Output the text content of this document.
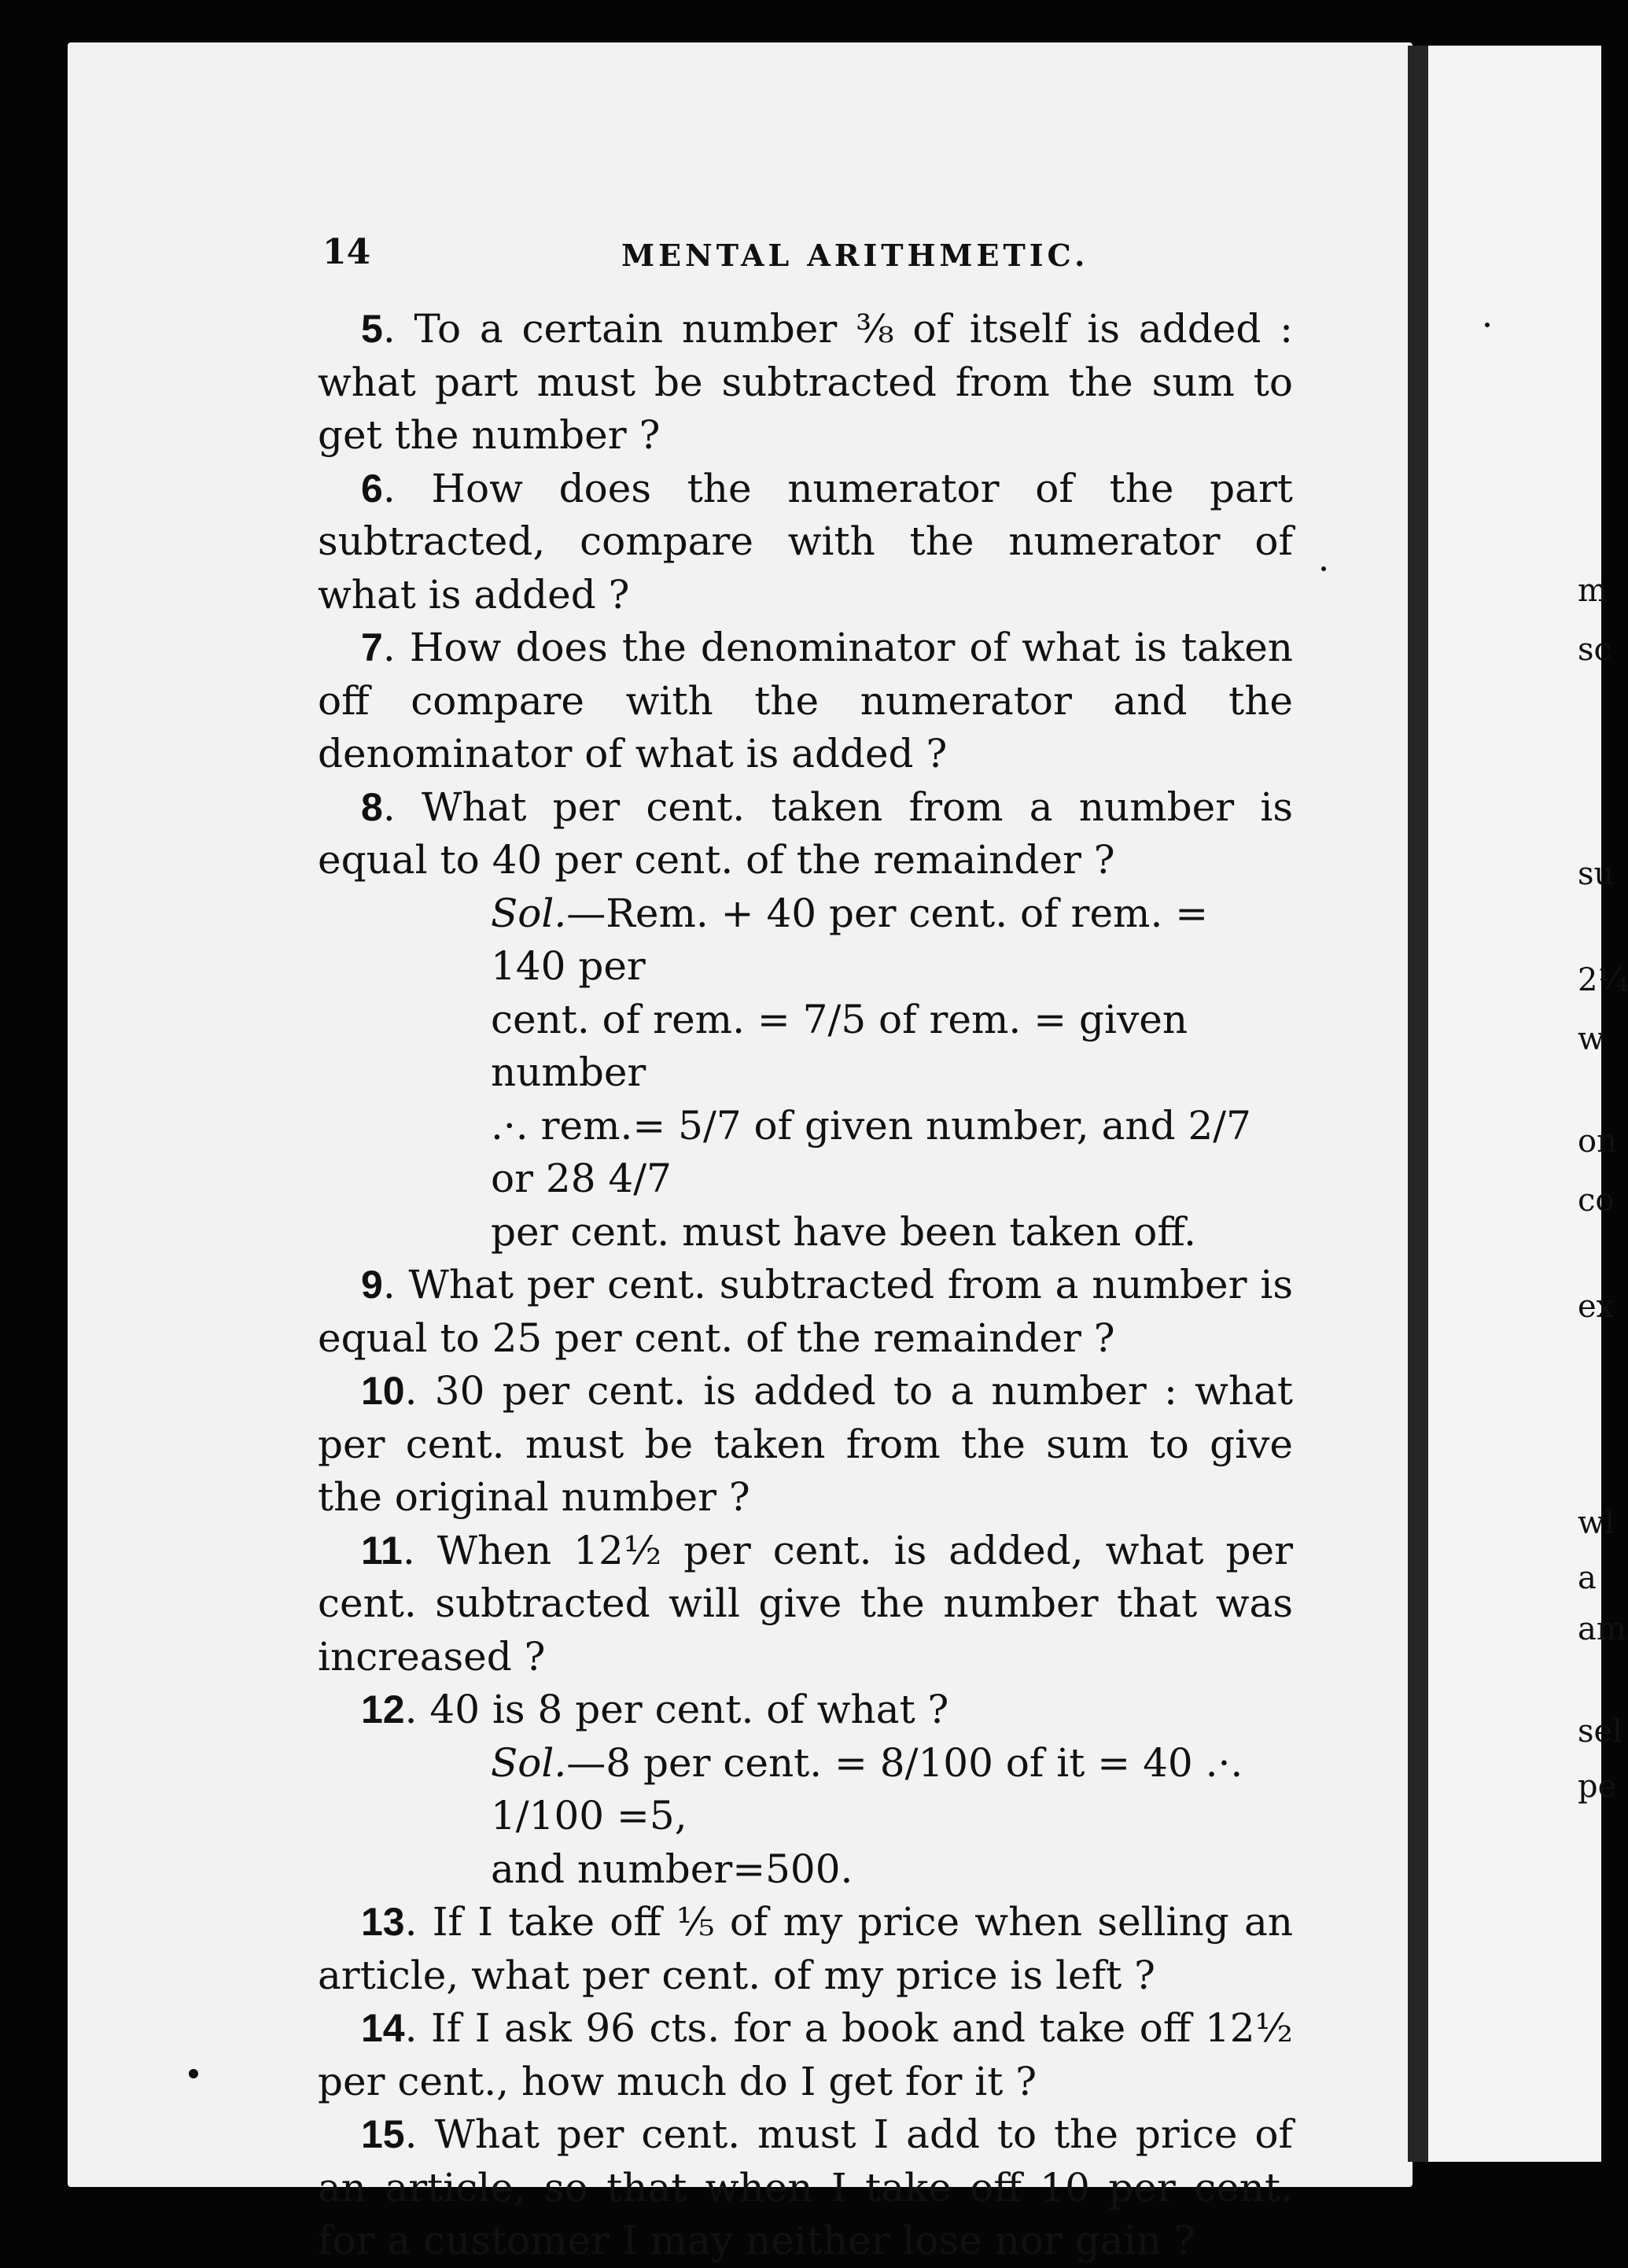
m
sc
su
2¼
w
on
co
ex
wl
a
am
sel
pe
14	MENTAL ARITHMETIC.

5. To a certain number ⅜ of itself is added : what part must be subtracted from the sum to get the number ?

6. How does the numerator of the part subtracted, compare with the numerator of what is added ?

7. How does the denominator of what is taken off compare with the numerator and the denominator of what is added ?

8. What per cent. taken from a number is equal to 40 per cent. of the remainder ?

Sol.—Rem. + 40 per cent. of rem. = 140 per
cent. of rem. = 7/5 of rem. = given number
.·. rem.= 5/7 of given number, and 2/7 or 28 4/7
per cent. must have been taken off.

9. What per cent. subtracted from a number is equal to 25 per cent. of the remainder ?

10. 30 per cent. is added to a number : what per cent. must be taken from the sum to give the original number ?

11. When 12½ per cent. is added, what per cent. subtracted will give the number that was increased ?

12. 40 is 8 per cent. of what ?

Sol.—8 per cent. = 8/100 of it = 40 .·. 1/100 =5,
and number=500.

13. If I take off ⅕ of my price when selling an article, what per cent. of my price is left ?

14. If I ask 96 cts. for a book and take off 12½ per cent., how much do I get for it ?

15. What per cent. must I add to the price of an article, so that when I take off 10 per cent. for a customer I may neither lose nor gain ?
